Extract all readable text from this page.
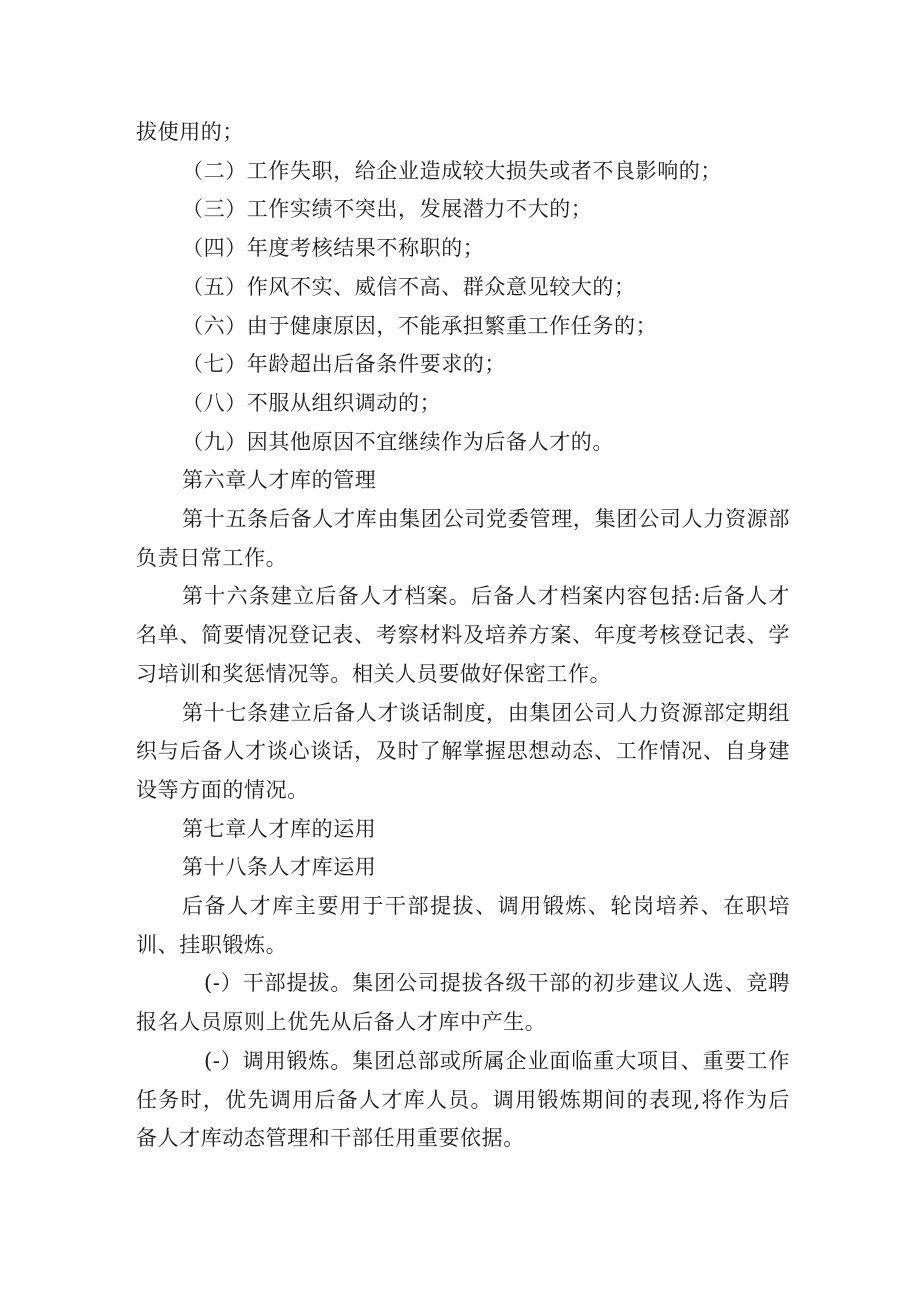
拔使用的；

（二）工作失职，给企业造成较大损失或者不良影响的；

（三）工作实绩不突出，发展潜力不大的；

（四）年度考核结果不称职的；

（五）作风不实、威信不高、群众意见较大的；

（六）由于健康原因，不能承担繁重工作任务的；

（七）年龄超出后备条件要求的；

（八）不服从组织调动的；

（九）因其他原因不宜继续作为后备人才的。

第六章人才库的管理

第十五条后备人才库由集团公司党委管理，集团公司人力资源部负责日常工作。

第十六条建立后备人才档案。后备人才档案内容包括:后备人才名单、简要情况登记表、考察材料及培养方案、年度考核登记表、学习培训和奖惩情况等。相关人员要做好保密工作。

第十七条建立后备人才谈话制度，由集团公司人力资源部定期组织与后备人才谈心谈话，及时了解掌握思想动态、工作情况、自身建设等方面的情况。

第七章人才库的运用

第十八条人才库运用

后备人才库主要用于干部提拔、调用锻炼、轮岗培养、在职培训、挂职锻炼。

(-）干部提拔。集团公司提拔各级干部的初步建议人选、竞聘报名人员原则上优先从后备人才库中产生。

(-）调用锻炼。集团总部或所属企业面临重大项目、重要工作任务时，优先调用后备人才库人员。调用锻炼期间的表现,将作为后备人才库动态管理和干部任用重要依据。
